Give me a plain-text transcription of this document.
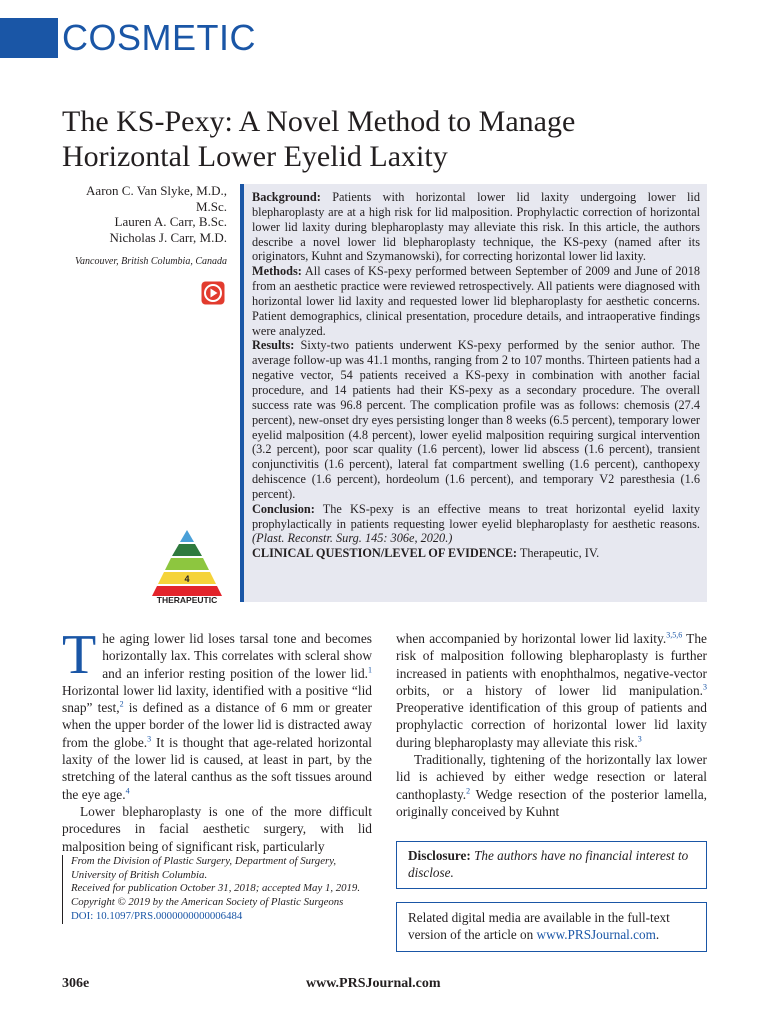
COSMETIC
The KS-Pexy: A Novel Method to Manage
Horizontal Lower Eyelid Laxity
Aaron C. Van Slyke, M.D.,
M.Sc.
Lauren A. Carr, B.Sc.
Nicholas J. Carr, M.D.
Vancouver, British Columbia, Canada
4
THERAPEUTIC

Background: Patients with horizontal lower lid laxity undergoing lower lid blepharoplasty are at a high risk for lid malposition. Prophylactic correction of horizontal lower lid laxity during blepharoplasty may alleviate this risk. In this article, the authors describe a novel lower lid blepharoplasty technique, the KS-pexy (named after its originators, Kuhnt and Szymanowski), for correcting horizontal lower lid laxity.

Methods: All cases of KS-pexy performed between September of 2009 and June of 2018 from an aesthetic practice were reviewed retrospectively. All patients were diagnosed with horizontal lower lid laxity and requested lower lid blepharoplasty for aesthetic concerns. Patient demographics, clinical presentation, procedure details, and intraoperative findings were analyzed.

Results: Sixty-two patients underwent KS-pexy performed by the senior author. The average follow-up was 41.1 months, ranging from 2 to 107 months. Thirteen patients had a negative vector, 54 patients received a KS-pexy in combination with another facial procedure, and 14 patients had their KS-pexy as a secondary procedure. The overall success rate was 96.8 percent. The complication profile was as follows: chemosis (27.4 percent), new-onset dry eyes persisting longer than 8 weeks (6.5 percent), temporary lower eyelid malposition (4.8 percent), lower eyelid malposition requiring surgical intervention (3.2 percent), poor scar quality (1.6 percent), lower lid abscess (1.6 percent), transient conjunctivitis (1.6 percent), lateral fat compartment swelling (1.6 percent), canthopexy dehiscence (1.6 percent), hordeolum (1.6 percent), and temporary V2 paresthesia (1.6 percent).

Conclusion: The KS-pexy is an effective means to treat horizontal eyelid laxity prophylactically in patients requesting lower eyelid blepharoplasty for aesthetic reasons. (Plast. Reconstr. Surg. 145: 306e, 2020.)

CLINICAL QUESTION/LEVEL OF EVIDENCE: Therapeutic, IV.

The aging lower lid loses tarsal tone and becomes horizontally lax. This correlates with scleral show and an inferior resting position of the lower lid.$^1$ Horizontal lower lid laxity, identified with a positive “lid snap” test,$^2$ is defined as a distance of 6 mm or greater when the upper border of the lower lid is distracted away from the globe.$^3$ It is thought that age-related horizontal laxity of the lower lid is caused, at least in part, by the stretching of the lateral canthus as the soft tissues around the eye age.$^4$

Lower blepharoplasty is one of the more difficult procedures in facial aesthetic surgery, with lid malposition being of significant risk, particularly

when accompanied by horizontal lower lid laxity.$^{3,5,6}$ The risk of malposition following blepharoplasty is further increased in patients with enophthalmos, negative-vector orbits, or a history of lower lid manipulation.$^3$ Preoperative identification of this group of patients and prophylactic correction of horizontal lower lid laxity during blepharoplasty may alleviate this risk.$^3$

Traditionally, tightening of the horizontally lax lower lid is achieved by either wedge resection or lateral canthoplasty.$^2$ Wedge resection of the posterior lamella, originally conceived by Kuhnt

From the Division of Plastic Surgery, Department of Surgery, University of British Columbia.

Received for publication October 31, 2018; accepted May 1, 2019.

Copyright © 2019 by the American Society of Plastic Surgeons

DOI: 10.1097/PRS.0000000000006484

Disclosure: The authors have no financial interest to disclose.
Related digital media are available in the full-text version of the article on www.PRSJournal.com.
306e	www.PRSJournal.com
